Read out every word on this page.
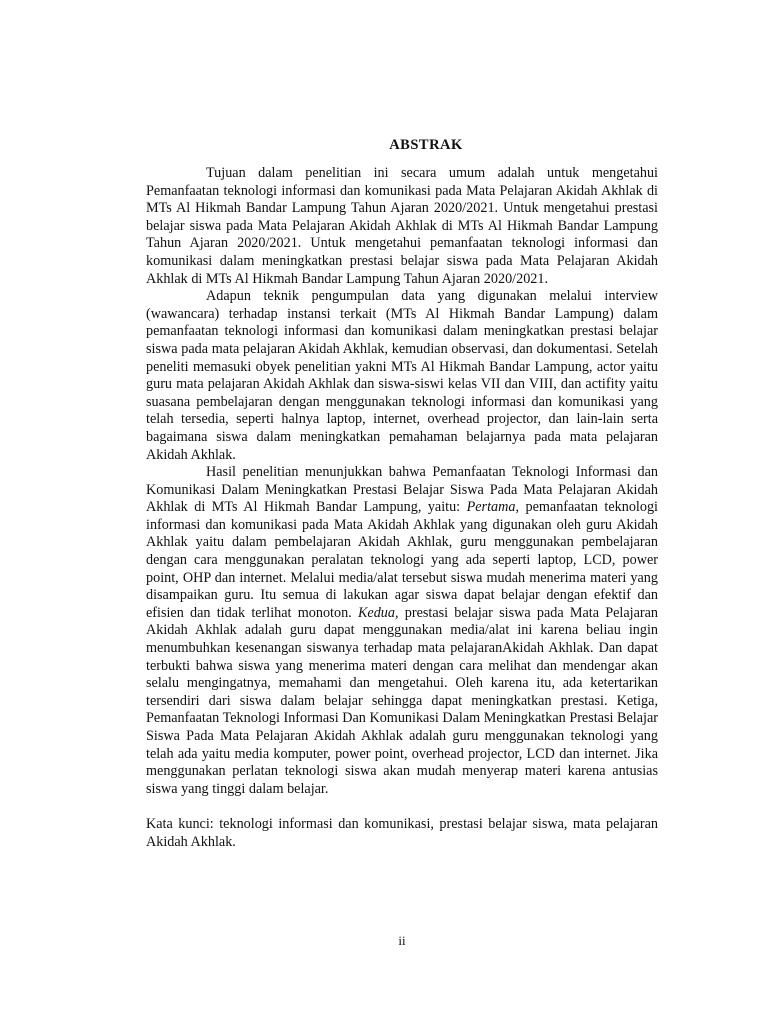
ABSTRAK

Tujuan dalam penelitian ini secara umum adalah untuk mengetahui Pemanfaatan teknologi informasi dan komunikasi pada Mata Pelajaran Akidah Akhlak di MTs Al Hikmah Bandar Lampung Tahun Ajaran 2020/2021. Untuk mengetahui prestasi belajar siswa pada Mata Pelajaran Akidah Akhlak di MTs Al Hikmah Bandar Lampung Tahun Ajaran 2020/2021. Untuk mengetahui pemanfaatan teknologi informasi dan komunikasi dalam meningkatkan prestasi belajar siswa pada Mata Pelajaran Akidah Akhlak di MTs Al Hikmah Bandar Lampung Tahun Ajaran 2020/2021.

Adapun teknik pengumpulan data yang digunakan melalui interview (wawancara) terhadap instansi terkait (MTs Al Hikmah Bandar Lampung) dalam pemanfaatan teknologi informasi dan komunikasi dalam meningkatkan prestasi belajar siswa pada mata pelajaran Akidah Akhlak, kemudian observasi, dan dokumentasi. Setelah peneliti memasuki obyek penelitian yakni MTs Al Hikmah Bandar Lampung, actor yaitu guru mata pelajaran Akidah Akhlak dan siswa-siswi kelas VII dan VIII, dan actifity yaitu suasana pembelajaran dengan menggunakan teknologi informasi dan komunikasi yang telah tersedia, seperti halnya laptop, internet, overhead projector, dan lain-lain serta bagaimana siswa dalam meningkatkan pemahaman belajarnya pada mata pelajaran Akidah Akhlak.

Hasil penelitian menunjukkan bahwa Pemanfaatan Teknologi Informasi dan Komunikasi Dalam Meningkatkan Prestasi Belajar Siswa Pada Mata Pelajaran Akidah Akhlak di MTs Al Hikmah Bandar Lampung, yaitu: Pertama, pemanfaatan teknologi informasi dan komunikasi pada Mata Akidah Akhlak yang digunakan oleh guru Akidah Akhlak yaitu dalam pembelajaran Akidah Akhlak, guru menggunakan pembelajaran dengan cara menggunakan peralatan teknologi yang ada seperti laptop, LCD, power point, OHP dan internet. Melalui media/alat tersebut siswa mudah menerima materi yang disampaikan guru. Itu semua di lakukan agar siswa dapat belajar dengan efektif dan efisien dan tidak terlihat monoton. Kedua, prestasi belajar siswa pada Mata Pelajaran Akidah Akhlak adalah guru dapat menggunakan media/alat ini karena beliau ingin menumbuhkan kesenangan siswanya terhadap mata pelajaranAkidah Akhlak. Dan dapat terbukti bahwa siswa yang menerima materi dengan cara melihat dan mendengar akan selalu mengingatnya, memahami dan mengetahui. Oleh karena itu, ada ketertarikan tersendiri dari siswa dalam belajar sehingga dapat meningkatkan prestasi. Ketiga, Pemanfaatan Teknologi Informasi Dan Komunikasi Dalam Meningkatkan Prestasi Belajar Siswa Pada Mata Pelajaran Akidah Akhlak adalah guru menggunakan teknologi yang telah ada yaitu media komputer, power point, overhead projector, LCD dan internet. Jika menggunakan perlatan teknologi siswa akan mudah menyerap materi karena antusias siswa yang tinggi dalam belajar.

Kata kunci: teknologi informasi dan komunikasi, prestasi belajar siswa, mata pelajaran Akidah Akhlak.

ii
